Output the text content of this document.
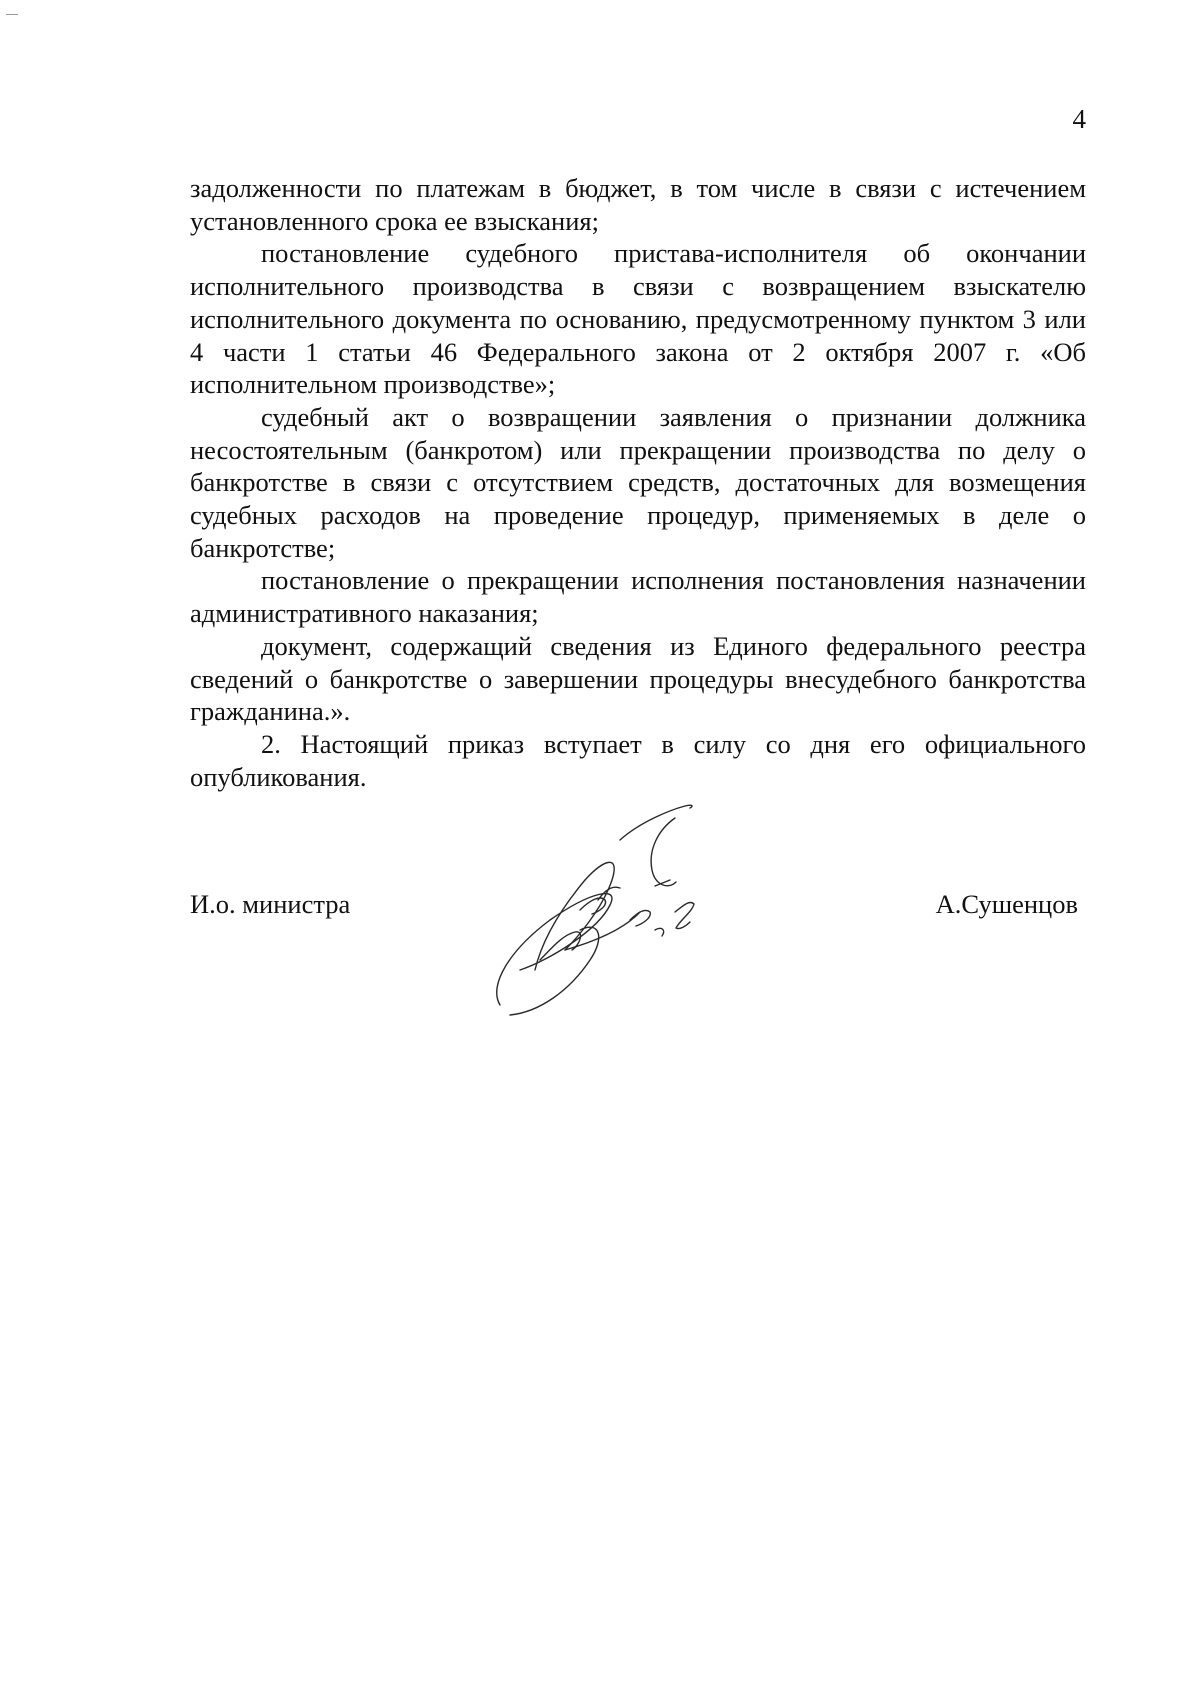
4

задолженности по платежам в бюджет, в том числе в связи с истечением установленного срока ее взыскания;

постановление судебного пристава-исполнителя об окончании исполнительного производства в связи с возвращением взыскателю исполнительного документа по основанию, предусмотренному пунктом 3 или 4 части 1 статьи 46 Федерального закона от 2 октября 2007 г. «Об исполнительном производстве»;

судебный акт о возвращении заявления о признании должника несостоятельным (банкротом) или прекращении производства по делу о банкротстве в связи с отсутствием средств, достаточных для возмещения судебных расходов на проведение процедур, применяемых в деле о банкротстве;

постановление о прекращении исполнения постановления назначении административного наказания;

документ, содержащий сведения из Единого федерального реестра сведений о банкротстве о завершении процедуры внесудебного банкротства гражданина.».

2. Настоящий приказ вступает в силу со дня его официального опубликования.

И.о. министра	А.Сушенцов
